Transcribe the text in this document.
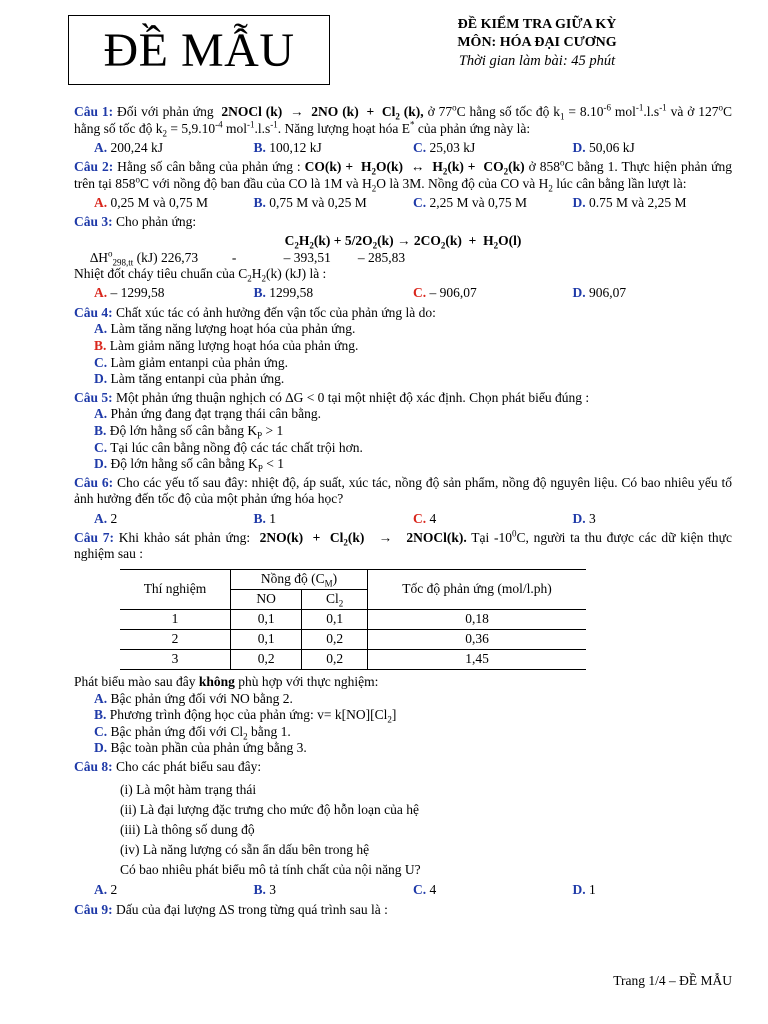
ĐỀ MẪU	ĐỀ KIỂM TRA GIỮA KỲ
MÔN: HÓA ĐẠI CƯƠNG
Thời gian làm bài: 45 phút
Câu 1: Đối với phản ứng  2NOCl (k)  →  2NO $(k) + Cl_2$ (k), ở 77$^o$C hằng số tốc độ $k_1 = 8.10^{-6}$ $mol^{-1}.l.s^{-1}$ và ở 127$^o$C hằng số tốc độ $k_2 = 5,9.10^{-4}$ $mol^{-1}.l.s^{-1}$. Năng lượng hoạt hóa E* của phản ứng này là:
A. 200,24 kJ	B. 100,12 kJ	C. 25,03 kJ	D. 50,06 kJ
Câu 2: Hằng số cân bằng của phản ứng : $CO(k) + H_2O(k)$  ↔  $H_2(k) + CO_2(k)$ ở 858$^o$C bằng 1. Thực hiện phản ứng trên tại 858$^o$C với nồng độ ban đầu của CO là 1M và $H_2O$ là 3M. Nồng độ của CO và $H_2$ lúc cân bằng lần lượt là:
A. 0,25 M và 0,75 M	B. 0,75 M và 0,25 M	C. 2,25 M và 0,75 M	D. 0.75 M và 2,25 M
Câu 3: Cho phản ứng:
$C_2H_2(k) + 5/2O_2(k) \to 2CO_2(k) + H_2O(l)$
$\Delta H^o_{298,tt}$ (kJ) 226,73          -              – 393,51        – 285,83
Nhiệt đốt cháy tiêu chuẩn của $C_2H_2(k)$ (kJ) là :
A. – 1299,58	B. 1299,58	C. – 906,07	D. 906,07
Câu 4: Chất xúc tác có ảnh hưởng đến vận tốc của phản ứng là do:
A. Làm tăng năng lượng hoạt hóa của phản ứng.
B. Làm giảm năng lượng hoạt hóa của phản ứng.
C. Làm giảm entanpi của phản ứng.
D. Làm tăng entanpi của phản ứng.
Câu 5: Một phản ứng thuận nghịch có ∆G < 0 tại một nhiệt độ xác định. Chọn phát biểu đúng :
A. Phản ứng đang đạt trạng thái cân bằng.
B. Độ lớn hằng số cân bằng $K_P > 1$
C. Tại lúc cân bằng nồng độ các tác chất trội hơn.
D. Độ lớn hằng số cân bằng $K_P < 1$
Câu 6: Cho các yếu tố sau đây: nhiệt độ, áp suất, xúc tác, nồng độ sản phẩm, nồng độ nguyên liệu. Có bao nhiêu yếu tố ảnh hưởng đến tốc độ của một phản ứng hóa học?
A. 2	B. 1	C. 4	D. 3
Câu 7: Khi khảo sát phản ứng:  $2NO(k) + Cl_2(k)$   →   2NOCl(k). Tại $-10^0C$, người ta thu được các dữ kiện thực nghiệm sau :
Thí nghiệm	Nồng độ $(C_M)$		Tốc độ phản ứng (mol/l.ph)
	NO	$Cl_2$
1	0,1	0,1	0,18
2	0,1	0,2	0,36
3	0,2	0,2	1,45
Phát biểu mào sau đây không phù hợp với thực nghiệm:
A. Bậc phản ứng đối với NO bằng 2.
B. Phương trình động học của phản ứng: $v= k[NO][Cl_2]$
C. Bậc phản ứng đối với $Cl_2$ bằng 1.
D. Bậc toàn phần của phản ứng bằng 3.
Câu 8: Cho các phát biểu sau đây:
(i) Là một hàm trạng thái
(ii) Là đại lượng đặc trưng cho mức độ hỗn loạn của hệ
(iii) Là thông số dung độ
(iv) Là năng lượng có sẵn ẩn dấu bên trong hệ
Có bao nhiêu phát biểu mô tả tính chất của nội năng U?
A. 2	B. 3	C. 4	D. 1
Câu 9: Dấu của đại lượng ∆S trong từng quá trình sau là :
Trang 1/4 – ĐỀ MẪU
